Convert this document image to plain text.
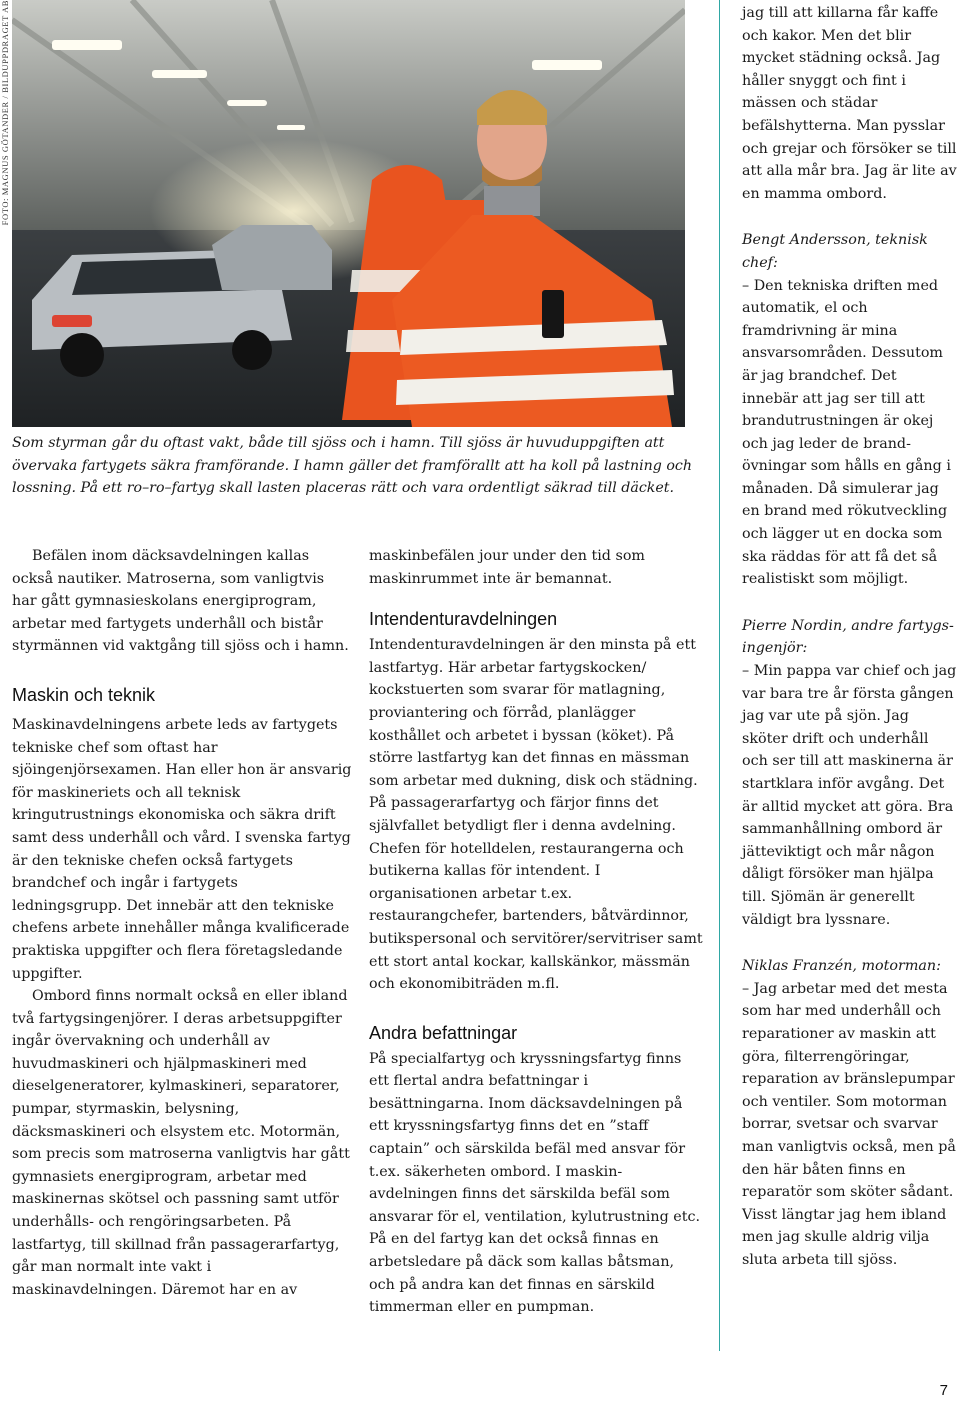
FOTO: MAGNUS GÖTANDER / BILDUPPDRAGET AB
Som styrman går du oftast vakt, både till sjöss och i hamn. Till sjöss är huvuduppgiften att övervaka fartygets säkra framförande. I hamn gäller det framförallt att ha koll på lastning och lossning. På ett ro–ro–fartyg skall lasten placeras rätt och vara ordentligt säkrad till däcket.

Befälen inom däcksavdelningen kallas också nautiker. Matroserna, som vanligtvis har gått gymnasieskolans energiprogram, arbetar med fartygets underhåll och bistår styrmännen vid vaktgång till sjöss och i hamn.

Maskin och teknik

Maskinavdelningens arbete leds av fartygets tekniske chef som oftast har sjöingenjörsexamen. Han eller hon är ansvarig för maskineriets och all teknisk kringutrustnings ekonomiska och säkra drift samt dess underhåll och vård. I svenska fartyg är den tekniske chefen också fartygets brandchef och ingår i fartygets ledningsgrupp. Det innebär att den tekniske chefens arbete innehåller många kvalificerade praktiska uppgifter och flera företagsledande uppgifter.

Ombord finns normalt också en eller ibland två fartygsingenjörer. I deras arbetsuppgifter ingår övervakning och underhåll av huvudmaskineri och hjälpmaskineri med dieselgeneratorer, kylmaskineri, separatorer, pumpar, styrmaskin, belysning, däcksmaskineri och elsystem etc. Motormän, som precis som matroserna vanligtvis har gått gymnasiets energiprogram, arbetar med maskinernas skötsel och passning samt utför underhålls- och rengöringsarbeten. På lastfartyg, till skillnad från passagerarfartyg, går man normalt inte vakt i maskinavdelningen. Däremot har en av

maskinbefälen jour under den tid som maskinrummet inte är bemannat.

Intendenturavdelningen

Intendenturavdelningen är den minsta på ett lastfartyg. Här arbetar fartygskocken/ kockstuerten som svarar för matlagning, proviantering och förråd, planlägger kosthållet och arbetet i byssan (köket). På större lastfartyg kan det finnas en mässman som arbetar med dukning, disk och städning. På passagerarfartyg och färjor finns det självfallet betydligt fler i denna avdelning. Chefen för hotelldelen, restaurangerna och butikerna kallas för intendent. I organisationen arbetar t.ex. restaurangchefer, bartenders, båtvärdinnor, butikspersonal och servitörer/servitriser samt ett stort antal kockar, kallskänkor, mässmän och ekonomibiträden m.fl.

Andra befattningar

På specialfartyg och kryssningsfartyg finns ett flertal andra befattningar i besättningarna. Inom däcksavdelningen på ett kryssningsfartyg finns det en ”staff captain” och särskilda befäl med ansvar för t.ex. säkerheten ombord. I maskinavdelningen finns det särskilda befäl som ansvarar för el, ventilation, kylutrustning etc. På en del fartyg kan det också finnas en arbetsledare på däck som kallas båtsman, och på andra kan det finnas en särskild timmerman eller en pumpman.

jag till att killarna får kaffe och kakor. Men det blir mycket städning också. Jag håller snyggt och fint i mässen och städar befälshytterna. Man pysslar och grejar och försöker se till att alla mår bra. Jag är lite av en mamma ombord.

Bengt Andersson, teknisk chef:

– Den tekniska driften med automatik, el och framdrivning är mina ansvarsområden. Dessutom är jag brandchef. Det innebär att jag ser till att brandutrustningen är okej och jag leder de brandövningar som hålls en gång i månaden. Då simulerar jag en brand med rökutveckling och lägger ut en docka som ska räddas för att få det så realistiskt som möjligt.

Pierre Nordin, andre fartygsingenjör:

– Min pappa var chief och jag var bara tre år första gången jag var ute på sjön. Jag sköter drift och underhåll och ser till att maskinerna är startklara inför avgång. Det är alltid mycket att göra. Bra sammanhållning ombord är jätteviktigt och mår någon dåligt försöker man hjälpa till. Sjömän är generellt väldigt bra lyssnare.

Niklas Franzén, motorman:

– Jag arbetar med det mesta som har med underhåll och reparationer av maskin att göra, filterrengöringar, reparation av bränslepumpar och ventiler. Som motorman borrar, svetsar och svarvar man vanligtvis också, men på den här båten finns en reparatör som sköter sådant. Visst längtar jag hem ibland men jag skulle aldrig vilja sluta arbeta till sjöss.

7
